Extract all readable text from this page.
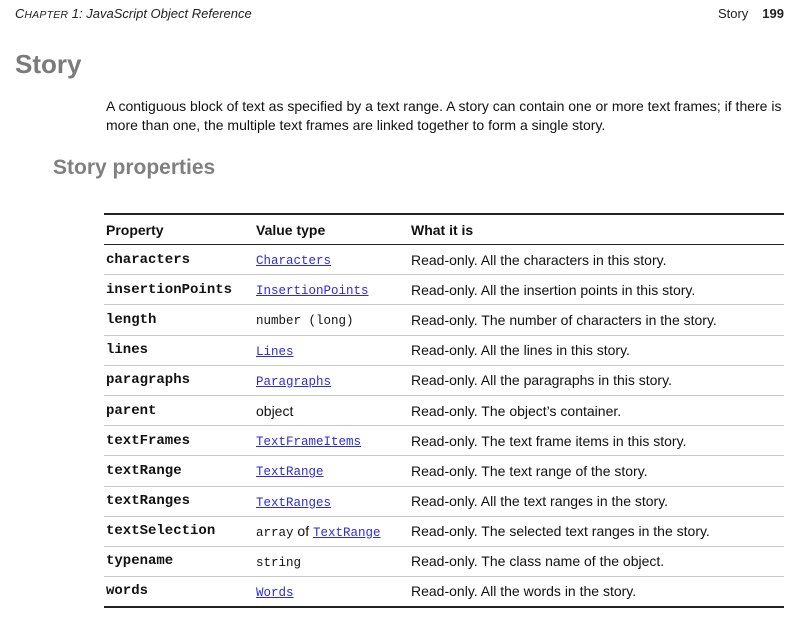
CHAPTER 1: JavaScript Object Reference	Story 199
Story

A contiguous block of text as specified by a text range. A story can contain one or more text frames; if there is more than one, the multiple text frames are linked together to form a single story.

Story properties
Property	Value type	What it is
characters	Characters	Read-only. All the characters in this story.
insertionPoints	InsertionPoints	Read-only. All the insertion points in this story.
length	number (long)	Read-only. The number of characters in the story.
lines	Lines	Read-only. All the lines in this story.
paragraphs	Paragraphs	Read-only. All the paragraphs in this story.
parent	object	Read-only. The object’s container.
textFrames	TextFrameItems	Read-only. The text frame items in this story.
textRange	TextRange	Read-only. The text range of the story.
textRanges	TextRanges	Read-only. All the text ranges in the story.
textSelection	array of TextRange	Read-only. The selected text ranges in the story.
typename	string	Read-only. The class name of the object.
words	Words	Read-only. All the words in the story.
